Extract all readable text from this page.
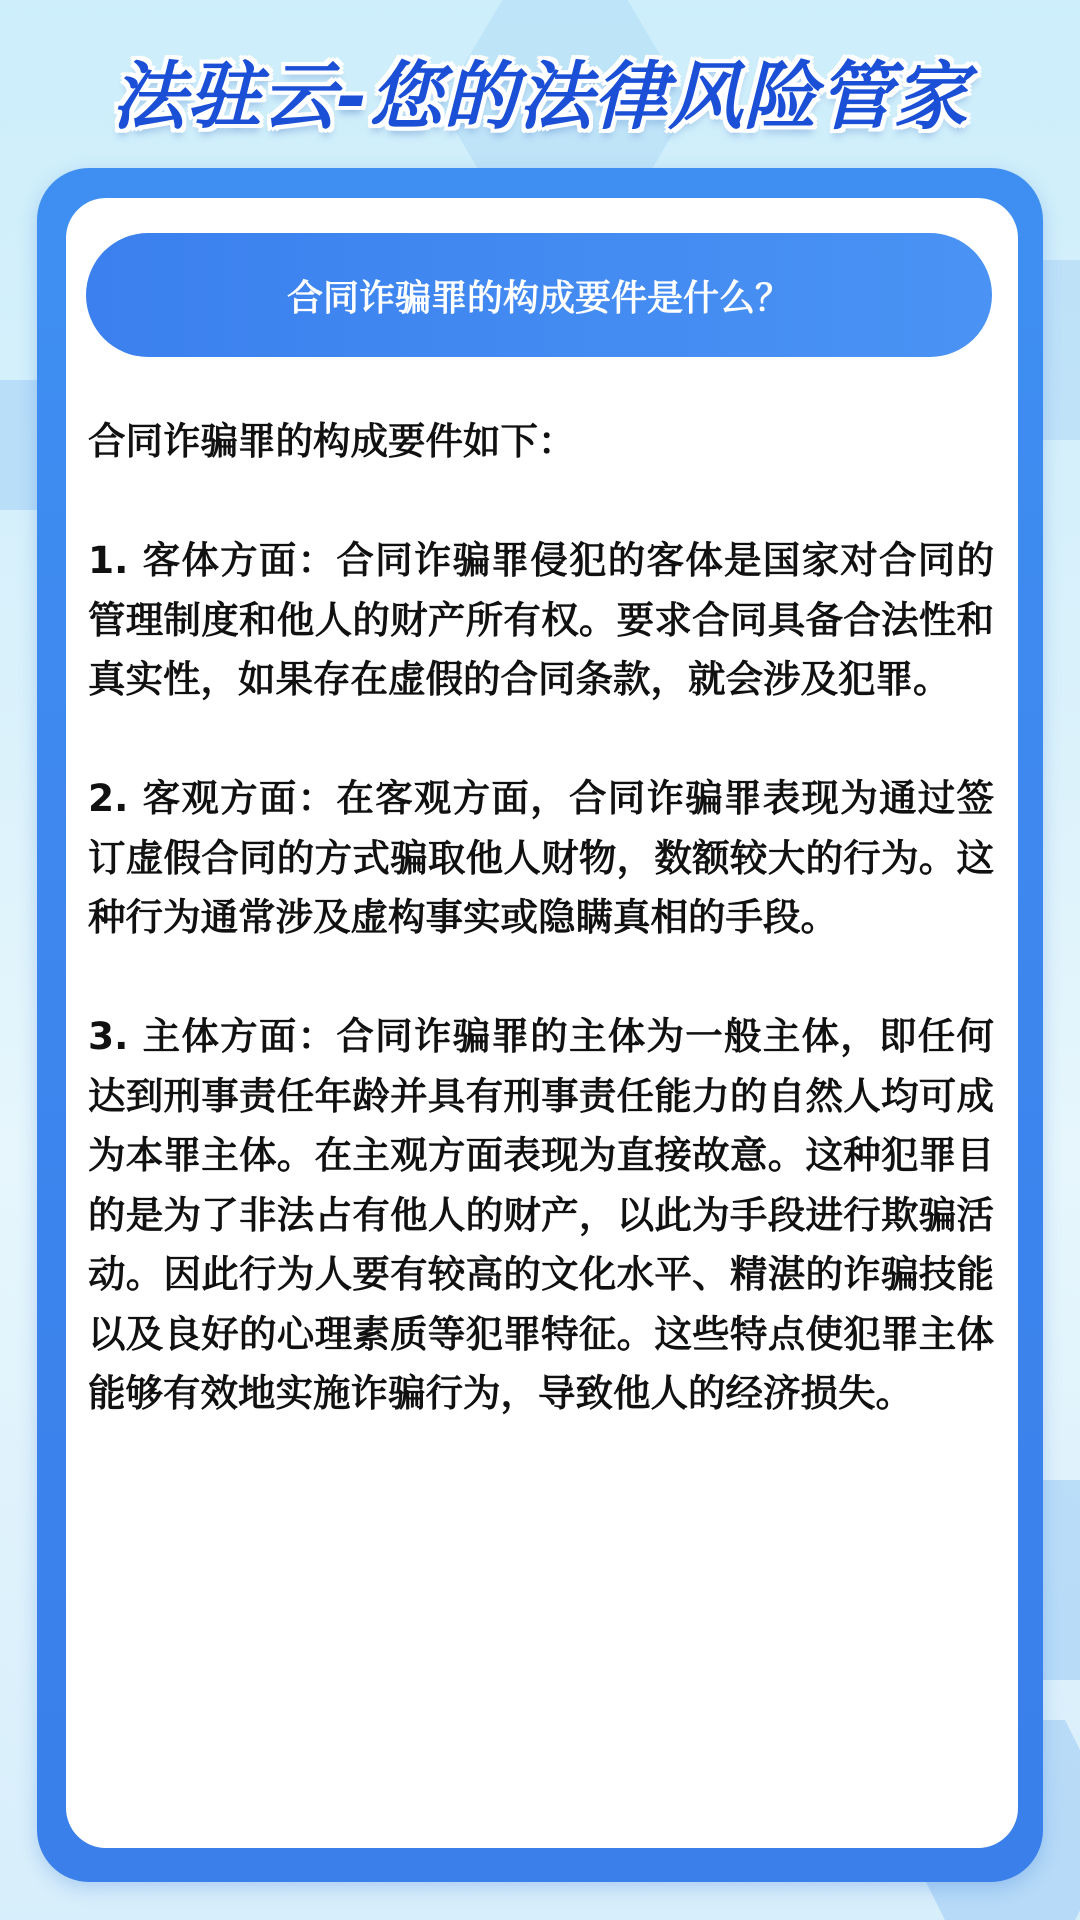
法驻云-您的法律风险管家
合同诈骗罪的构成要件是什么？

合同诈骗罪的构成要件如下：

1. 客体方面：合同诈骗罪侵犯的客体是国家对合同的管理制度和他人的财产所有权。要求合同具备合法性和真实性，如果存在虚假的合同条款，就会涉及犯罪。

2. 客观方面：在客观方面，合同诈骗罪表现为通过签订虚假合同的方式骗取他人财物，数额较大的行为。这种行为通常涉及虚构事实或隐瞒真相的手段。

3. 主体方面：合同诈骗罪的主体为一般主体，即任何达到刑事责任年龄并具有刑事责任能力的自然人均可成为本罪主体。在主观方面表现为直接故意。这种犯罪目的是为了非法占有他人的财产，以此为手段进行欺骗活动。因此行为人要有较高的文化水平、精湛的诈骗技能以及良好的心理素质等犯罪特征。这些特点使犯罪主体能够有效地实施诈骗行为，导致他人的经济损失。
